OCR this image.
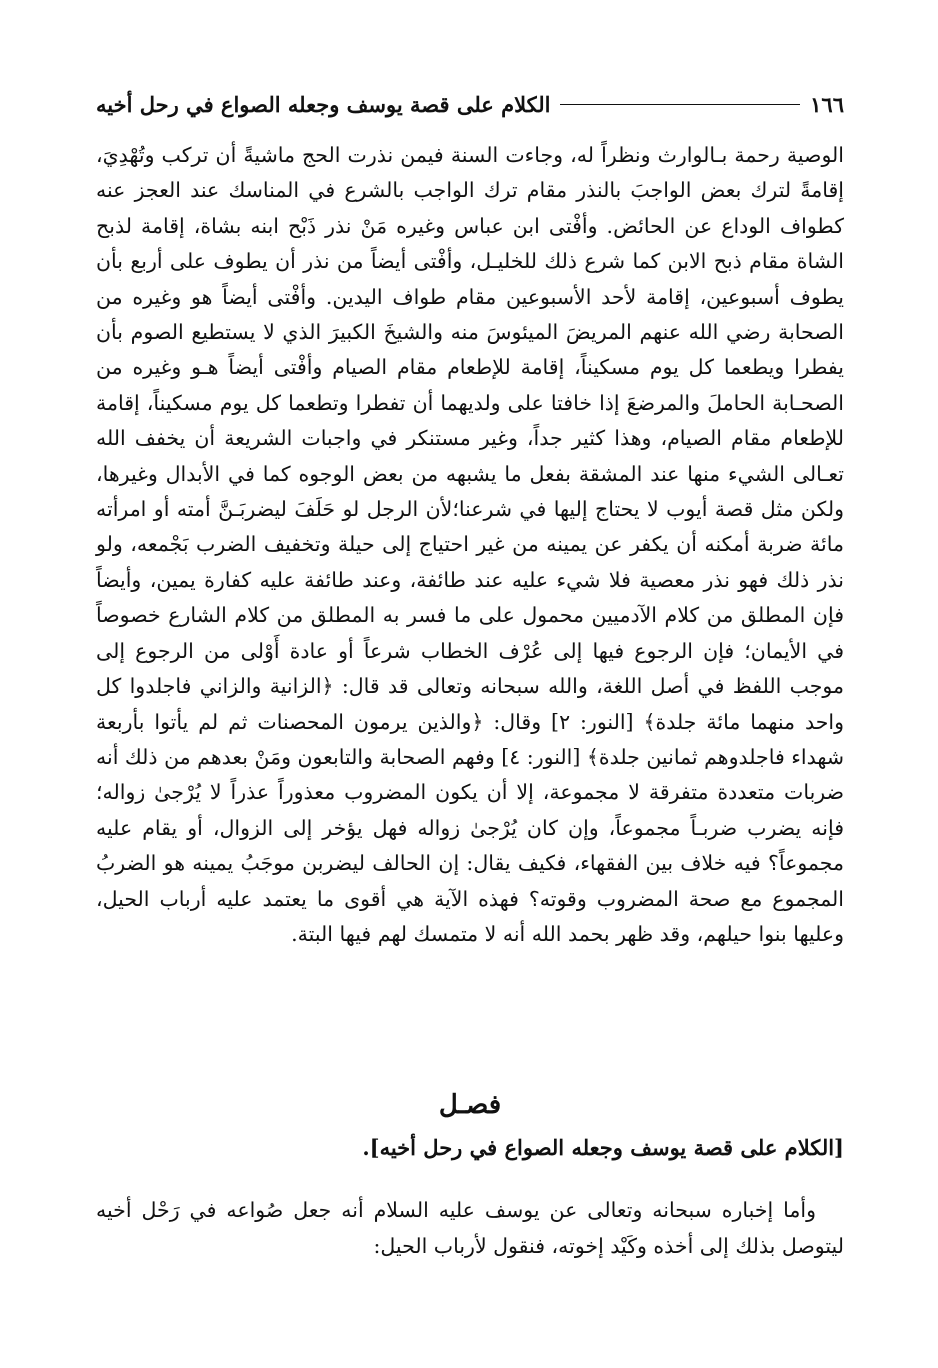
١٦٦
الكلام على قصة يوسف وجعله الصواع في رحل أخيه

الوصية رحمة بـالوارث ونظراً له، وجاءت السنة فيمن نذرت الحج ماشيةً أن تركب وتُهْدِيَ، إقامةً لترك بعض الواجبَ بالنذر مقام ترك الواجب بالشرع في المناسك عند العجز عنه كطواف الوداع عن الحائض. وأفْتى ابن عباس وغيره مَنْ نذر ذَبْح ابنه بشاة، إقامة لذبح الشاة مقام ذبح الابن كما شرع ذلك للخليـل، وأفْتى أيضاً من نذر أن يطوف على أربع بأن يطوف أسبوعين، إقامة لأحد الأسبوعين مقام طواف اليدين. وأفْتى أيضاً هو وغيره من الصحابة رضي الله عنهم المريضَ الميئوسَ منه والشيخَ الكبيرَ الذي لا يستطيع الصوم بأن يفطرا ويطعما كل يوم مسكيناً، إقامة للإطعام مقام الصيام وأفْتى أيضاً هـو وغيره من الصحـابة الحاملَ والمرضعَ إذا خافتا على ولديهما أن تفطرا وتطعما كل يوم مسكيناً، إقامة للإطعام مقام الصيام، وهذا كثير جداً، وغير مستنكر في واجبات الشريعة أن يخفف الله تعـالى الشيء منها عند المشقة بفعل ما يشبهه من بعض الوجوه كما في الأبدال وغيرها، ولكن مثل قصة أيوب لا يحتاج إليها في شرعنا؛لأن الرجل لو حَلَفَ ليضربَـنَّ أمته أو امرأته مائة ضربة أمكنه أن يكفر عن يمينه من غير احتياج إلى حيلة وتخفيف الضرب بَجْمعه، ولو نذر ذلك فهو نذر معصية فلا شيء عليه عند طائفة، وعند طائفة عليه كفارة يمين، وأيضاً فإن المطلق من كلام الآدميين محمول على ما فسر به المطلق من كلام الشارع خصوصاً في الأيمان؛ فإن الرجوع فيها إلى عُرْف الخطاب شرعاً أو عادة أَوْلى من الرجوع إلى موجب اللفظ في أصل اللغة، والله سبحانه وتعالى قد قال: ﴿الزانية والزاني فاجلدوا كل واحد منهما مائة جلدة﴾ [النور: ٢] وقال: ﴿والذين يرمون المحصنات ثم لم يأتوا بأربعة شهداء فاجلدوهم ثمانين جلدة﴾ [النور: ٤] وفهم الصحابة والتابعون ومَنْ بعدهم من ذلك أنه ضربات متعددة متفرقة لا مجموعة، إلا أن يكون المضروب معذوراً عذراً لا يُرْجىٰ زواله؛ فإنه يضرب ضربـاً مجموعاً، وإن كان يُرْجىٰ زواله فهل يؤخر إلى الزوال، أو يقام عليه مجموعاً؟ فيه خلاف بين الفقهاء، فكيف يقال: إن الحالف ليضربن موجَبُ يمينه هو الضربُ المجموع مع صحة المضروب وقوته؟ فهذه الآية هي أقوى ما يعتمد عليه أرباب الحيل، وعليها بنوا حيلهم، وقد ظهر بحمد الله أنه لا متمسك لهم فيها البتة.

فصـل
[الكلام على قصة يوسف وجعله الصواع في رحل أخيه].

وأما إخباره سبحانه وتعالى عن يوسف عليه السلام أنه جعل صُواعه في رَحْل أخيه ليتوصل بذلك إلى أخذه وكَيْد إخوته، فنقول لأرباب الحيل:
